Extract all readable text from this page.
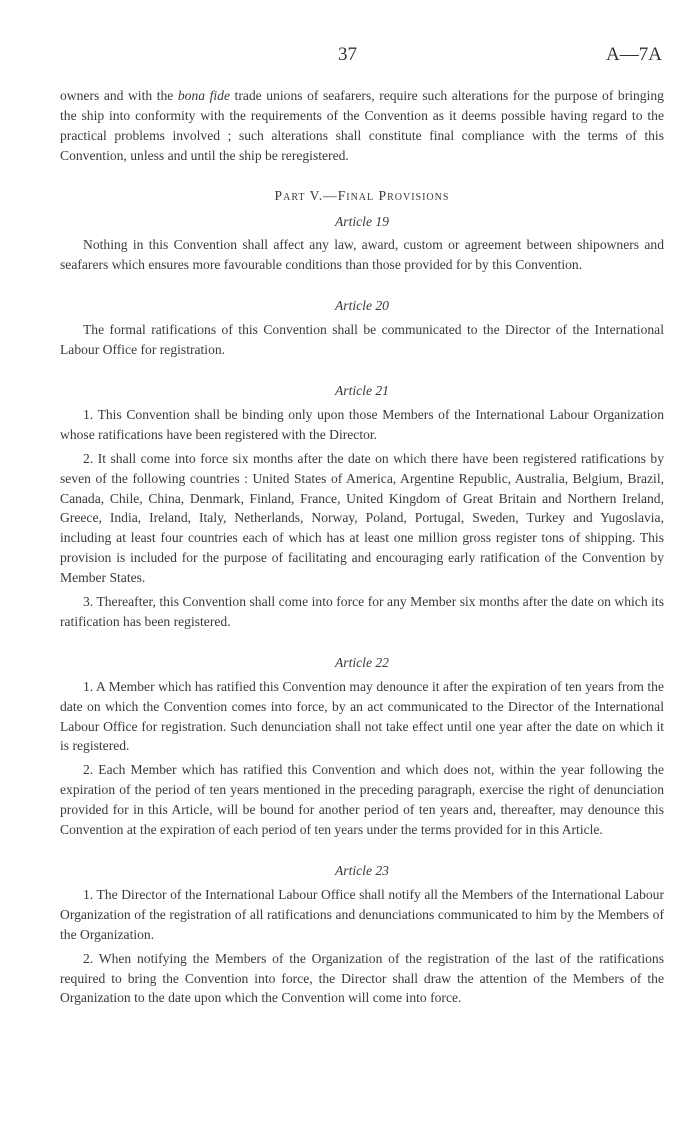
37	A—7A

owners and with the bona fide trade unions of seafarers, require such alterations for the purpose of bringing the ship into conformity with the requirements of the Convention as it deems possible having regard to the practical problems involved ; such alterations shall constitute final compliance with the terms of this Convention, unless and until the ship be reregistered.

Part V.—Final Provisions

Article 19

Nothing in this Convention shall affect any law, award, custom or agreement between shipowners and seafarers which ensures more favourable conditions than those provided for by this Convention.

Article 20

The formal ratifications of this Convention shall be communicated to the Director of the International Labour Office for registration.

Article 21

1. This Convention shall be binding only upon those Members of the International Labour Organization whose ratifications have been registered with the Director.

2. It shall come into force six months after the date on which there have been registered ratifications by seven of the following countries : United States of America, Argentine Republic, Australia, Belgium, Brazil, Canada, Chile, China, Denmark, Finland, France, United Kingdom of Great Britain and Northern Ireland, Greece, India, Ireland, Italy, Netherlands, Norway, Poland, Portugal, Sweden, Turkey and Yugoslavia, including at least four countries each of which has at least one million gross register tons of shipping. This provision is included for the purpose of facilitating and encouraging early ratification of the Convention by Member States.

3. Thereafter, this Convention shall come into force for any Member six months after the date on which its ratification has been registered.

Article 22

1. A Member which has ratified this Convention may denounce it after the expiration of ten years from the date on which the Convention comes into force, by an act communicated to the Director of the International Labour Office for registration. Such denunciation shall not take effect until one year after the date on which it is registered.

2. Each Member which has ratified this Convention and which does not, within the year following the expiration of the period of ten years mentioned in the preceding paragraph, exercise the right of denunciation provided for in this Article, will be bound for another period of ten years and, thereafter, may denounce this Convention at the expiration of each period of ten years under the terms provided for in this Article.

Article 23

1. The Director of the International Labour Office shall notify all the Members of the International Labour Organization of the registration of all ratifications and denunciations communicated to him by the Members of the Organization.

2. When notifying the Members of the Organization of the registration of the last of the ratifications required to bring the Convention into force, the Director shall draw the attention of the Members of the Organization to the date upon which the Convention will come into force.
